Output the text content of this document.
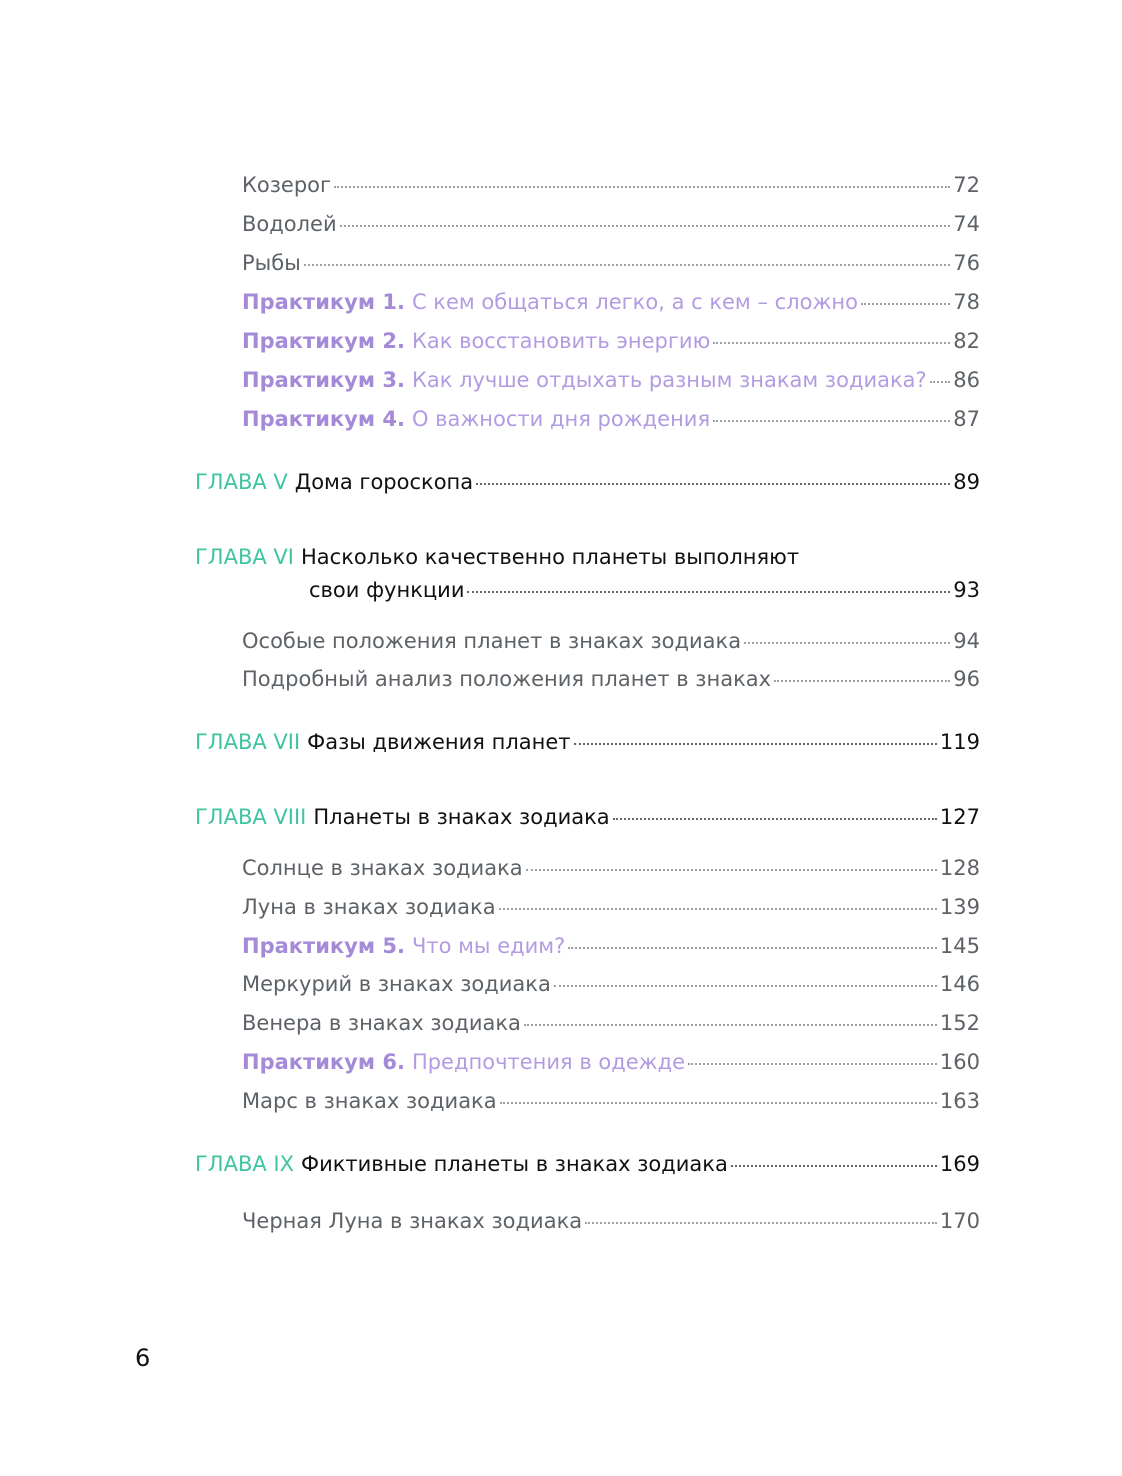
Козерог	72
Водолей	74
Рыбы	76
Практикум 1. С кем общаться легко, а с кем – сложно	78
Практикум 2. Как восстановить энергию	82
Практикум 3. Как лучше отдыхать разным знакам зодиака? 86
Практикум 4. О важности дня рождения	87
ГЛАВА V Дома гороскопа	89
ГЛАВА VI Насколько качественно планеты выполняют
свои функции	93
Особые положения планет в знаках зодиака	94
Подробный анализ положения планет в знаках	96
ГЛАВА VII Фазы движения планет	119
ГЛАВА VIII Планеты в знаках зодиака	127
Солнце в знаках зодиака	128
Луна в знаках зодиака	139
Практикум 5. Что мы едим?	145
Меркурий в знаках зодиака	146
Венера в знаках зодиака	152
Практикум 6. Предпочтения в одежде	160
Марс в знаках зодиака	163
ГЛАВА IX Фиктивные планеты в знаках зодиака	169
Черная Луна в знаках зодиака	170
6
